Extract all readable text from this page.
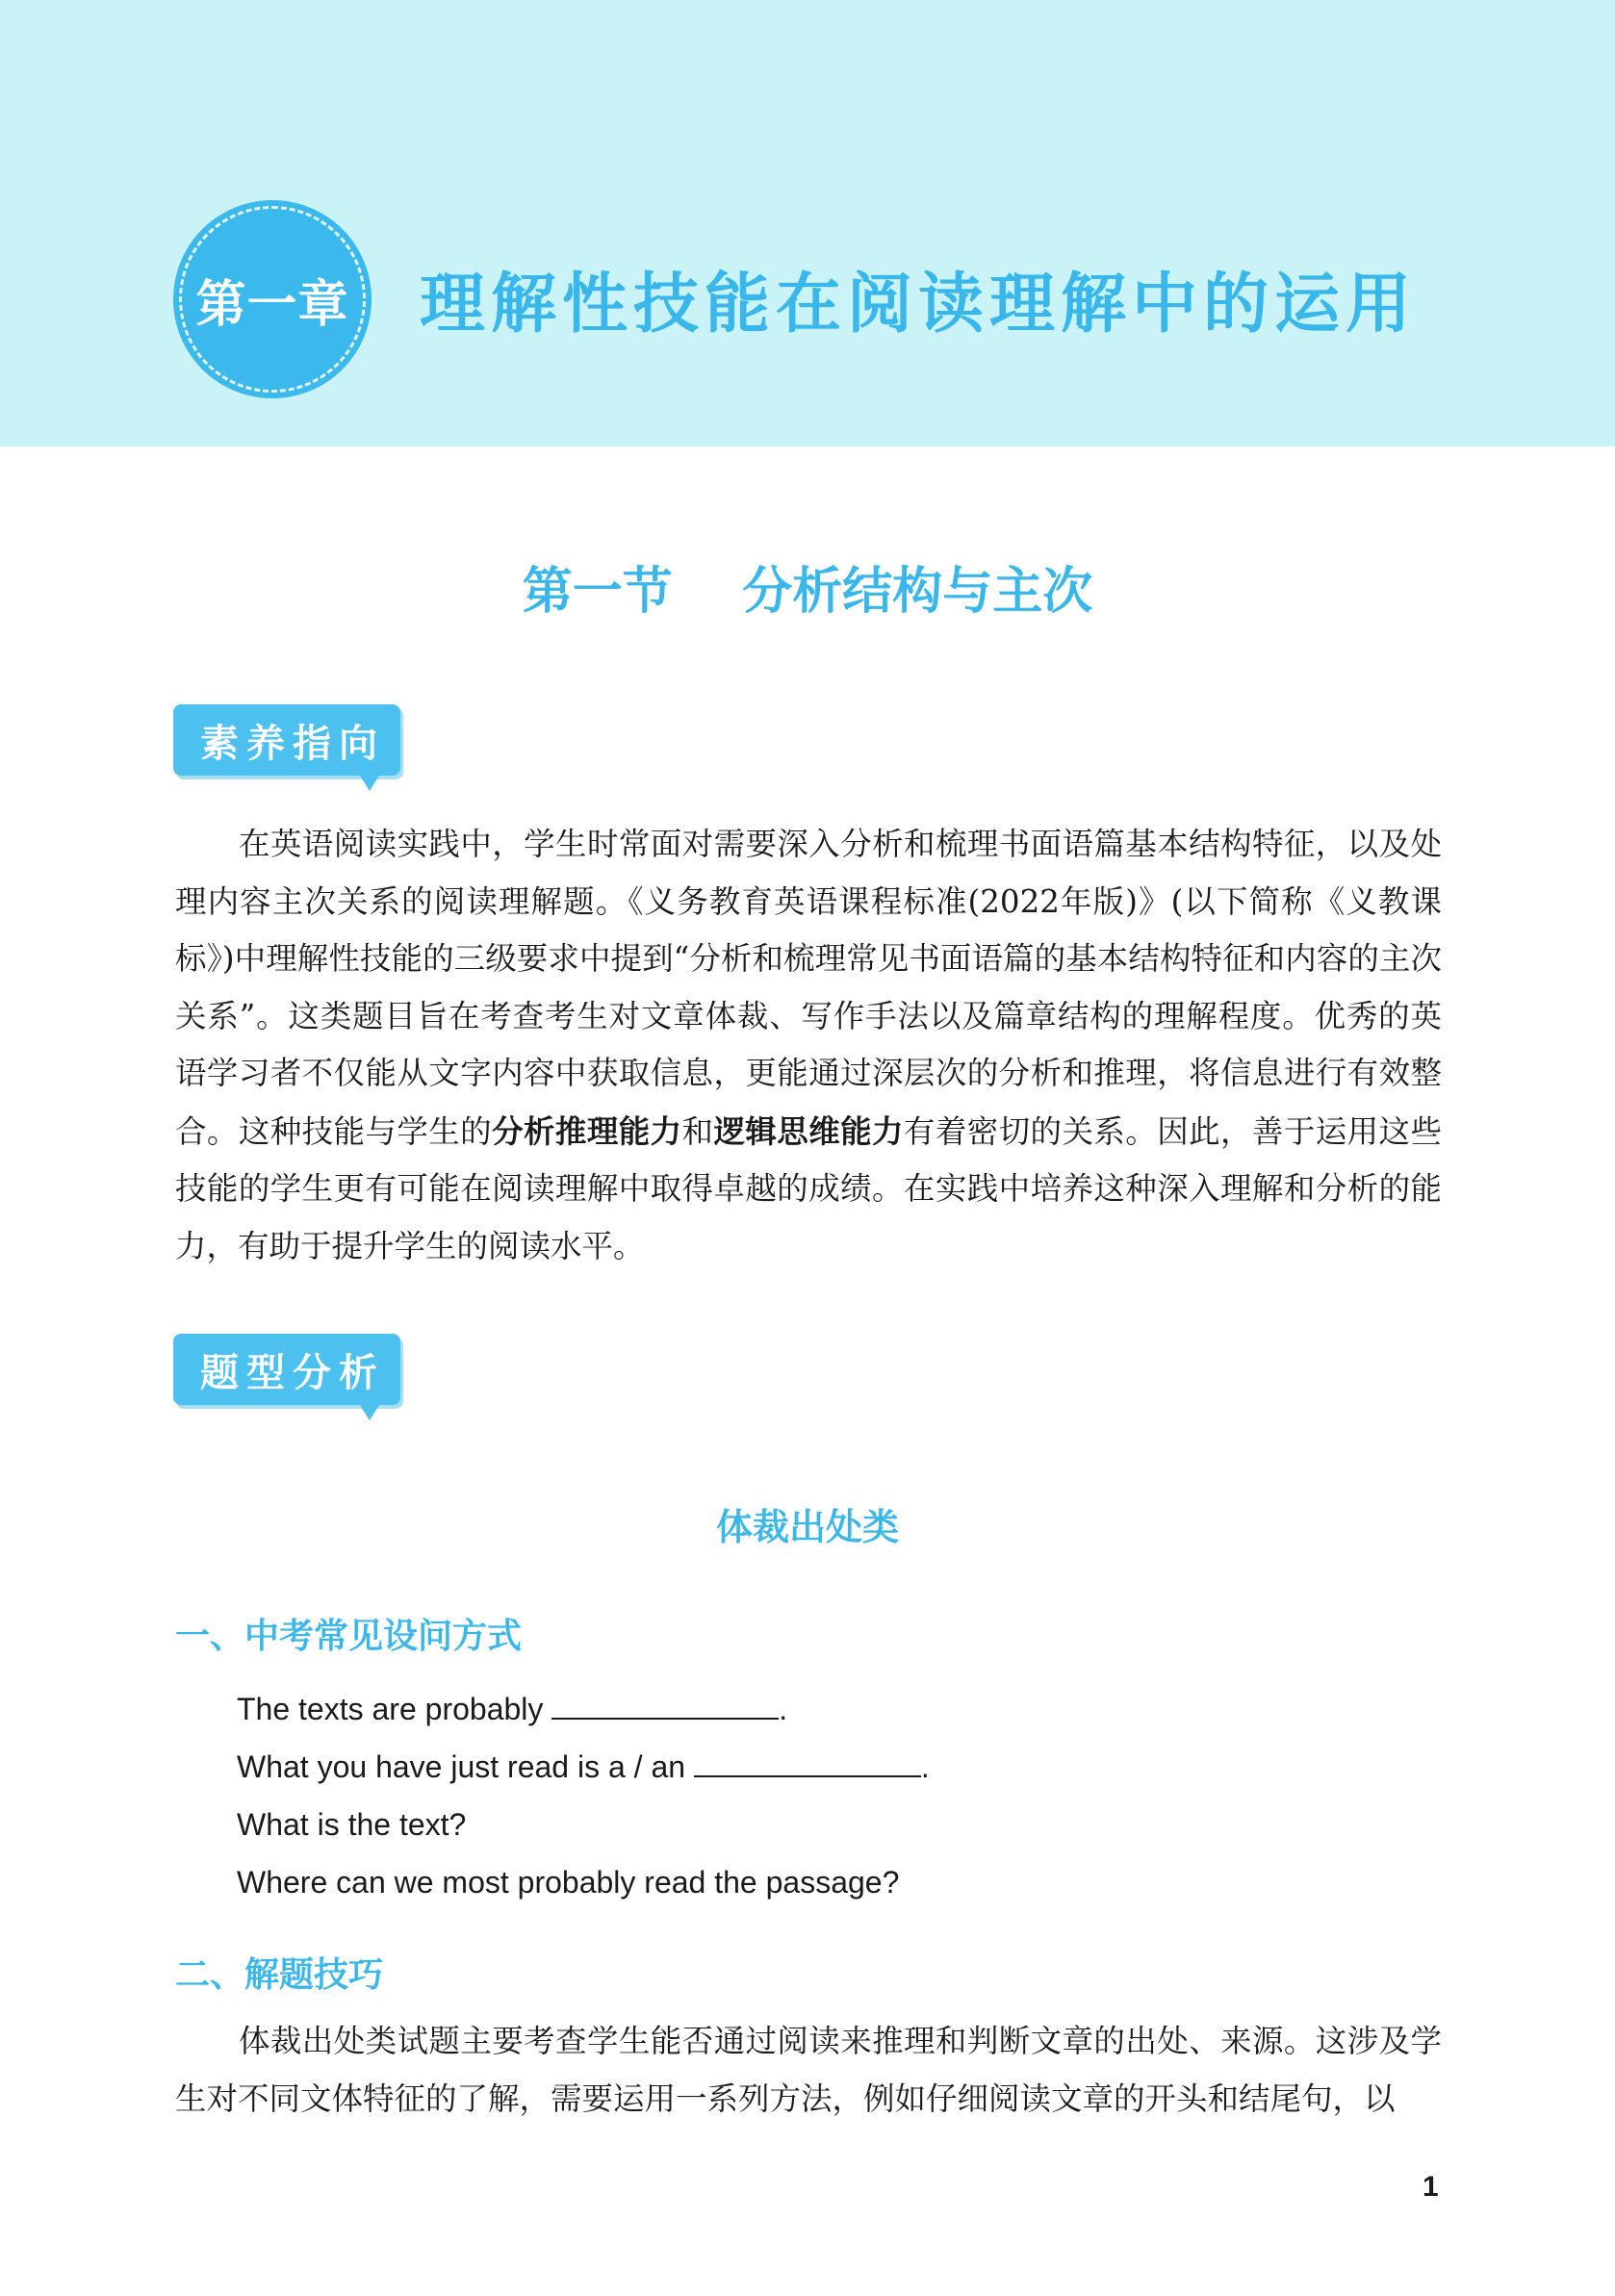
第一章 理解性技能在阅读理解中的运用
第一节    分析结构与主次
素养指向

在英语阅读实践中，学生时常面对需要深入分析和梳理书面语篇基本结构特征，以及处理内容主次关系的阅读理解题。《义务教育英语课程标准(2022年版)》(以下简称《义教课标》)中理解性技能的三级要求中提到“分析和梳理常见书面语篇的基本结构特征和内容的主次关系”。这类题目旨在考查考生对文章体裁、写作手法以及篇章结构的理解程度。优秀的英语学习者不仅能从文字内容中获取信息，更能通过深层次的分析和推理，将信息进行有效整合。这种技能与学生的分析推理能力和逻辑思维能力有着密切的关系。因此，善于运用这些技能的学生更有可能在阅读理解中取得卓越的成绩。在实践中培养这种深入理解和分析的能力，有助于提升学生的阅读水平。

题型分析
体裁出处类
一、中考常见设问方式
The texts are probably	.
What you have just read is a / an	.
What is the text?
Where can we most probably read the passage?
二、解题技巧

体裁出处类试题主要考查学生能否通过阅读来推理和判断文章的出处、来源。这涉及学生对不同文体特征的了解，需要运用一系列方法，例如仔细阅读文章的开头和结尾句，以

1
